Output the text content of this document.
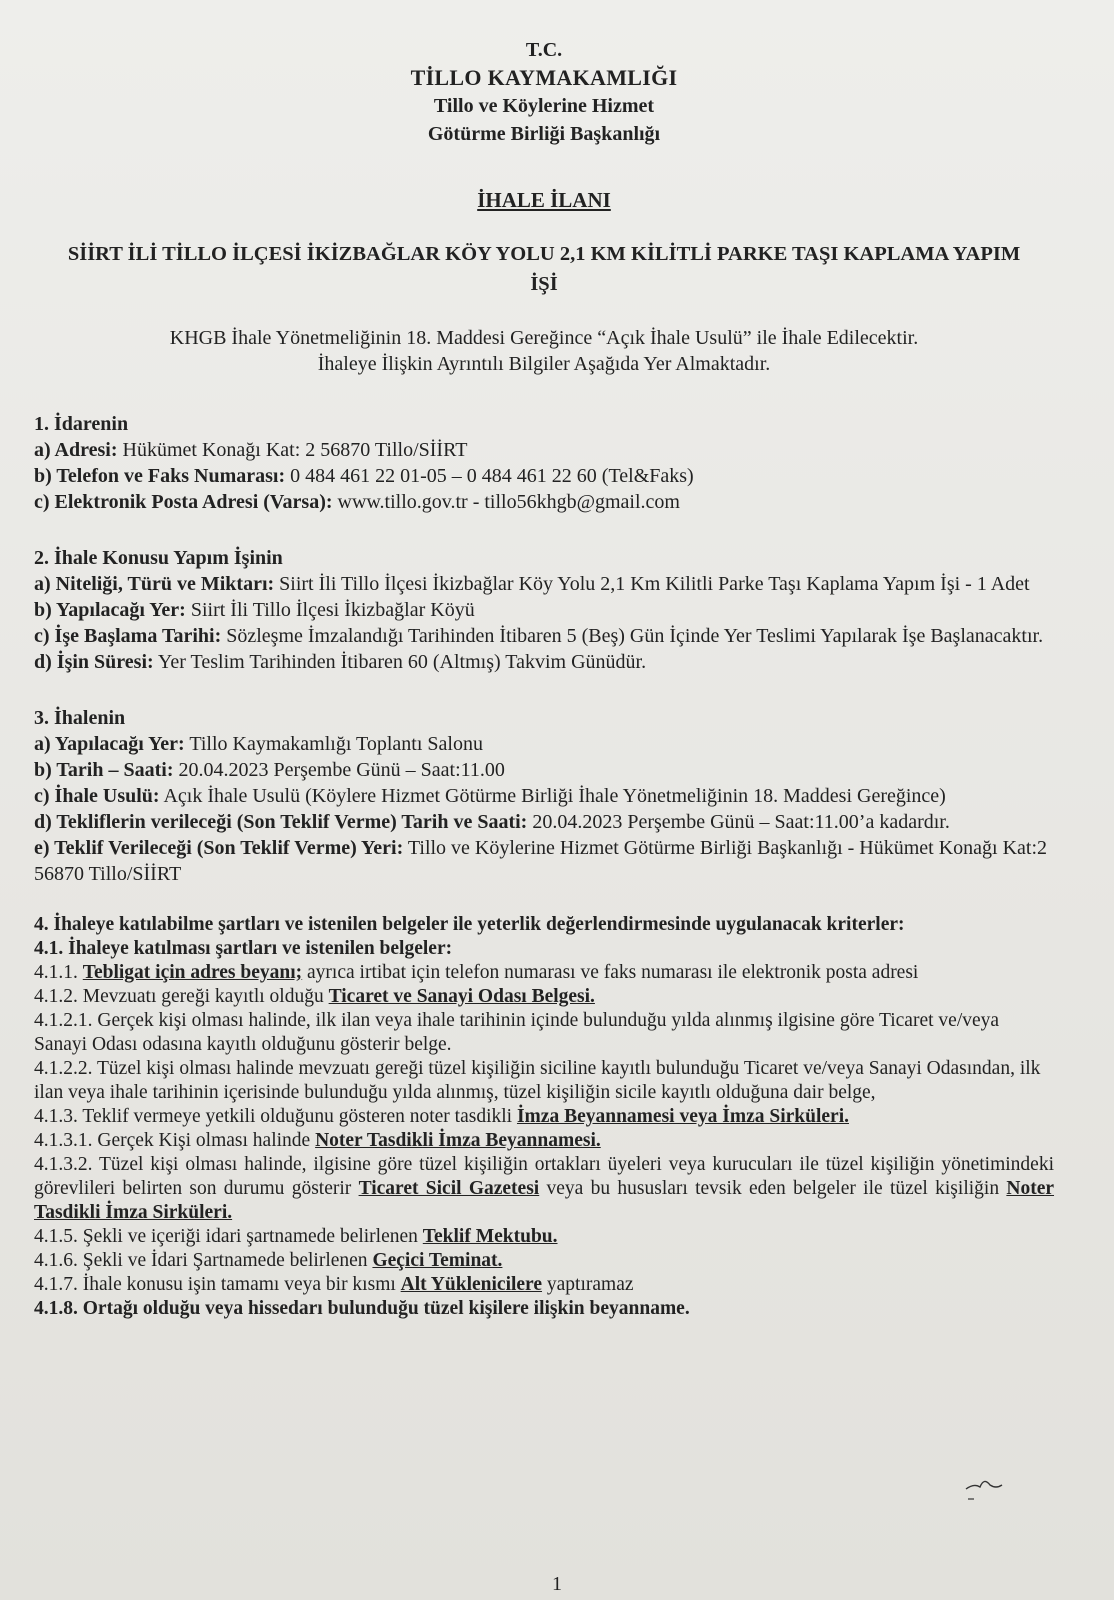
T.C.
TİLLO KAYMAKAMLIĞI
Tillo ve Köylerine Hizmet
Götürme Birliği Başkanlığı
İHALE İLANI
SİİRT İLİ TİLLO İLÇESİ İKİZBAĞLAR KÖY YOLU 2,1 KM KİLİTLİ PARKE TAŞI KAPLAMA YAPIM İŞİ
KHGB İhale Yönetmeliğinin 18. Maddesi Gereğince “Açık İhale Usulü” ile İhale Edilecektir.
İhaleye İlişkin Ayrıntılı Bilgiler Aşağıda Yer Almaktadır.

1. İdarenin

a) Adresi: Hükümet Konağı Kat: 2 56870 Tillo/SİİRT

b) Telefon ve Faks Numarası: 0 484 461 22 01-05 – 0 484 461 22 60 (Tel&Faks)

c) Elektronik Posta Adresi (Varsa): www.tillo.gov.tr - tillo56khgb@gmail.com

2. İhale Konusu Yapım İşinin

a) Niteliği, Türü ve Miktarı: Siirt İli Tillo İlçesi İkizbağlar Köy Yolu 2,1 Km Kilitli Parke Taşı Kaplama Yapım İşi - 1 Adet

b) Yapılacağı Yer: Siirt İli Tillo İlçesi İkizbağlar Köyü

c) İşe Başlama Tarihi: Sözleşme İmzalandığı Tarihinden İtibaren 5 (Beş) Gün İçinde Yer Teslimi Yapılarak İşe Başlanacaktır.

d) İşin Süresi: Yer Teslim Tarihinden İtibaren 60 (Altmış) Takvim Günüdür.

3. İhalenin

a) Yapılacağı Yer: Tillo Kaymakamlığı Toplantı Salonu

b) Tarih – Saati: 20.04.2023 Perşembe Günü – Saat:11.00

c) İhale Usulü: Açık İhale Usulü (Köylere Hizmet Götürme Birliği İhale Yönetmeliğinin 18. Maddesi Gereğince)

d) Tekliflerin verileceği (Son Teklif Verme) Tarih ve Saati: 20.04.2023 Perşembe Günü – Saat:11.00’a kadardır.

e) Teklif Verileceği (Son Teklif Verme) Yeri: Tillo ve Köylerine Hizmet Götürme Birliği Başkanlığı - Hükümet Konağı Kat:2 56870 Tillo/SİİRT

4. İhaleye katılabilme şartları ve istenilen belgeler ile yeterlik değerlendirmesinde uygulanacak kriterler:

4.1. İhaleye katılması şartları ve istenilen belgeler:

4.1.1. Tebligat için adres beyanı; ayrıca irtibat için telefon numarası ve faks numarası ile elektronik posta adresi

4.1.2. Mevzuatı gereği kayıtlı olduğu Ticaret ve Sanayi Odası Belgesi.

4.1.2.1. Gerçek kişi olması halinde, ilk ilan veya ihale tarihinin içinde bulunduğu yılda alınmış ilgisine göre Ticaret ve/veya Sanayi Odası odasına kayıtlı olduğunu gösterir belge.

4.1.2.2. Tüzel kişi olması halinde mevzuatı gereği tüzel kişiliğin siciline kayıtlı bulunduğu Ticaret ve/veya Sanayi Odasından, ilk ilan veya ihale tarihinin içerisinde bulunduğu yılda alınmış, tüzel kişiliğin sicile kayıtlı olduğuna dair belge,

4.1.3. Teklif vermeye yetkili olduğunu gösteren noter tasdikli İmza Beyannamesi veya İmza Sirküleri.

4.1.3.1. Gerçek Kişi olması halinde Noter Tasdikli İmza Beyannamesi.

4.1.3.2. Tüzel kişi olması halinde, ilgisine göre tüzel kişiliğin ortakları üyeleri veya kurucuları ile tüzel kişiliğin yönetimindeki görevlileri belirten son durumu gösterir Ticaret Sicil Gazetesi veya bu hususları tevsik eden belgeler ile tüzel kişiliğin Noter Tasdikli İmza Sirküleri.

4.1.5. Şekli ve içeriği idari şartnamede belirlenen Teklif Mektubu.

4.1.6. Şekli ve İdari Şartnamede belirlenen Geçici Teminat.

4.1.7. İhale konusu işin tamamı veya bir kısmı Alt Yüklenicilere yaptıramaz

4.1.8. Ortağı olduğu veya hissedarı bulunduğu tüzel kişilere ilişkin beyanname.

1
